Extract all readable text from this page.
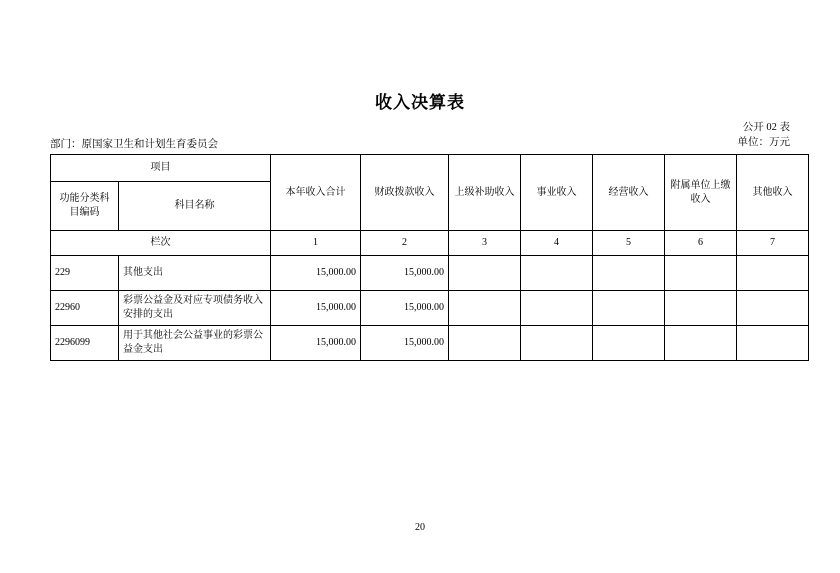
收入决算表
公开 02 表
单位：万元
部门：原国家卫生和计划生育委员会
项目		本年收入合计	财政拨款收入	上级补助收入	事业收入	经营收入	附属单位上缴收入	其他收入
功能分类科目编码	科目名称							
栏次		1	2	3	4	5	6	7
229	其他支出	15,000.00	15,000.00					
22960	彩票公益金及对应专项债务收入安排的支出	15,000.00	15,000.00					
2296099	用于其他社会公益事业的彩票公益金支出	15,000.00	15,000.00					
20
